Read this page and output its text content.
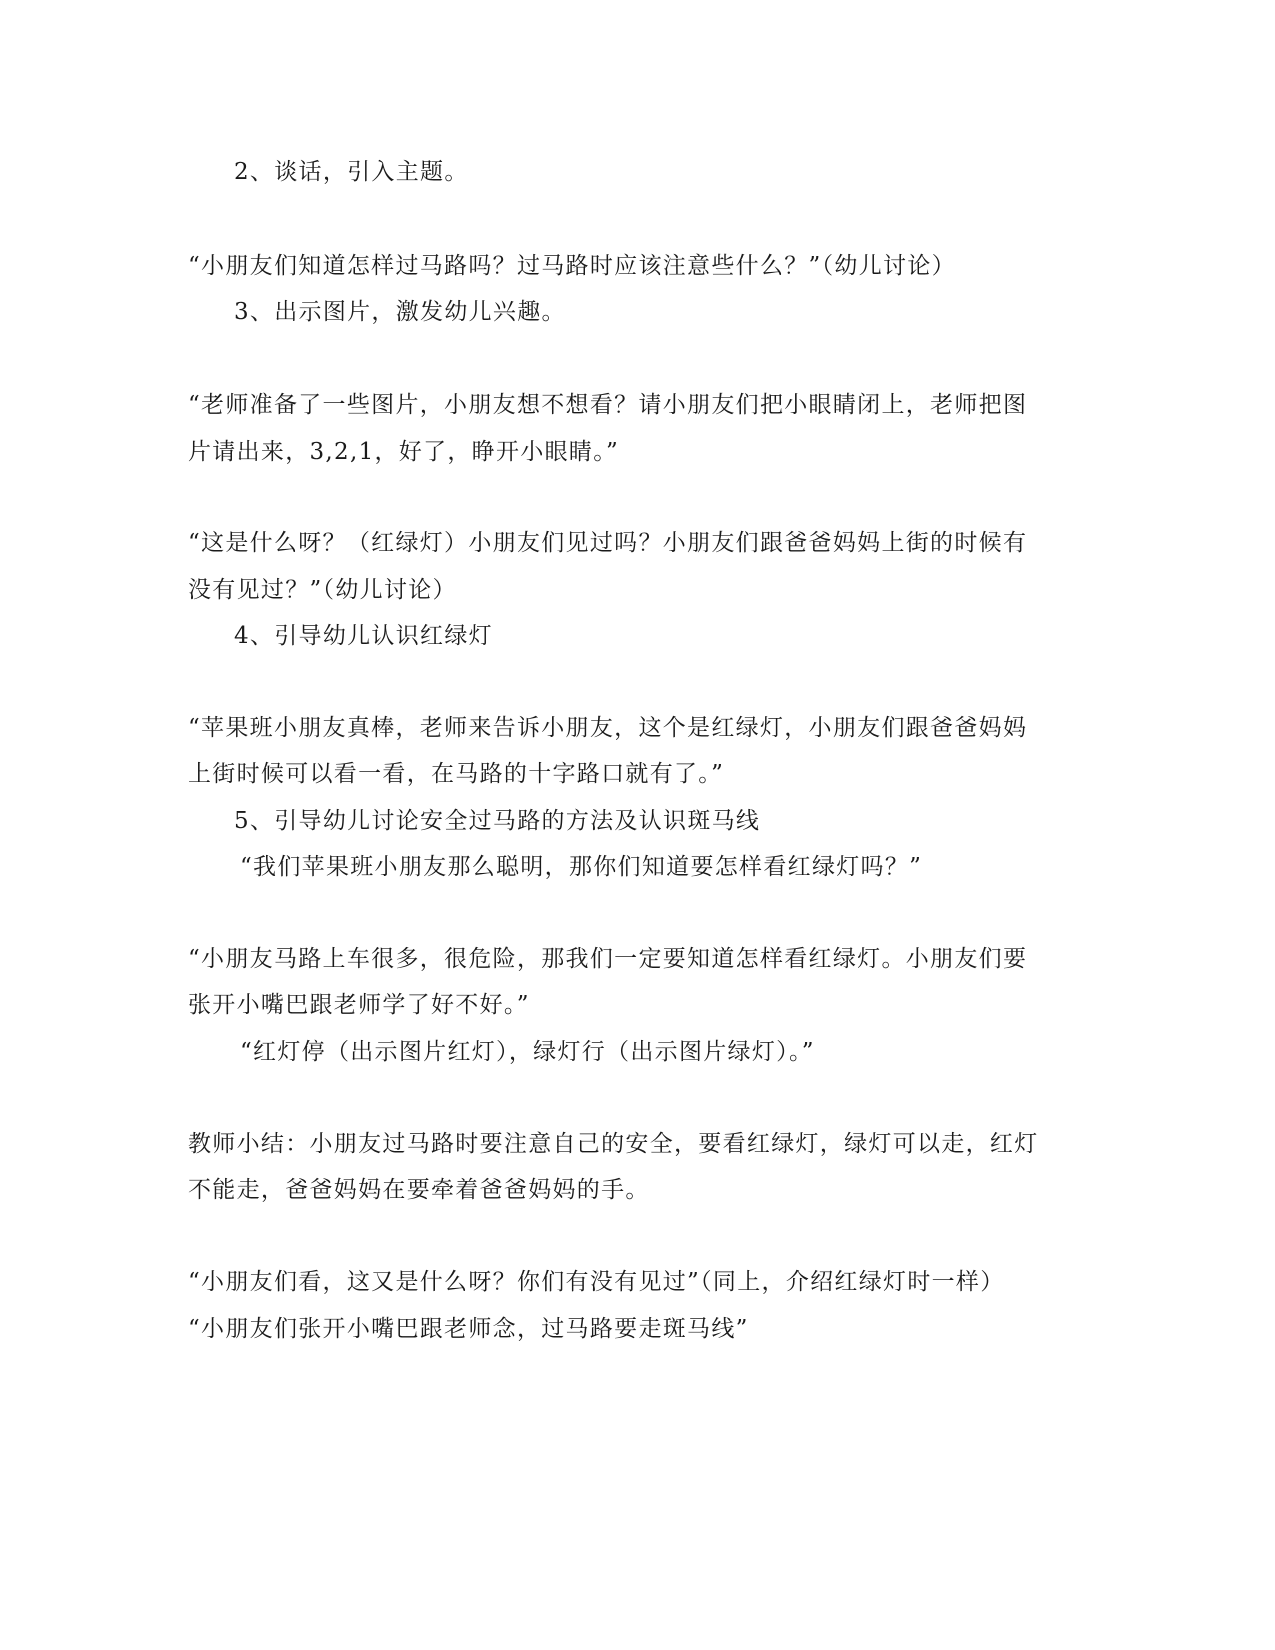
2、谈话，引入主题。
“小朋友们知道怎样过马路吗？过马路时应该注意些什么？”（幼儿讨论）
3、出示图片，激发幼儿兴趣。
“老师准备了一些图片，小朋友想不想看？请小朋友们把小眼睛闭上，老师把图
片请出来，3,2,1，好了，睁开小眼睛。”
“这是什么呀？（红绿灯）小朋友们见过吗？小朋友们跟爸爸妈妈上街的时候有
没有见过？”（幼儿讨论）
4、引导幼儿认识红绿灯
“苹果班小朋友真棒，老师来告诉小朋友，这个是红绿灯，小朋友们跟爸爸妈妈
上街时候可以看一看，在马路的十字路口就有了。”
5、引导幼儿讨论安全过马路的方法及认识斑马线
“我们苹果班小朋友那么聪明，那你们知道要怎样看红绿灯吗？”
“小朋友马路上车很多，很危险，那我们一定要知道怎样看红绿灯。小朋友们要
张开小嘴巴跟老师学了好不好。”
“红灯停（出示图片红灯），绿灯行（出示图片绿灯）。”
教师小结：小朋友过马路时要注意自己的安全，要看红绿灯，绿灯可以走，红灯
不能走，爸爸妈妈在要牵着爸爸妈妈的手。
“小朋友们看，这又是什么呀？你们有没有见过”（同上，介绍红绿灯时一样）
“小朋友们张开小嘴巴跟老师念，过马路要走斑马线”
